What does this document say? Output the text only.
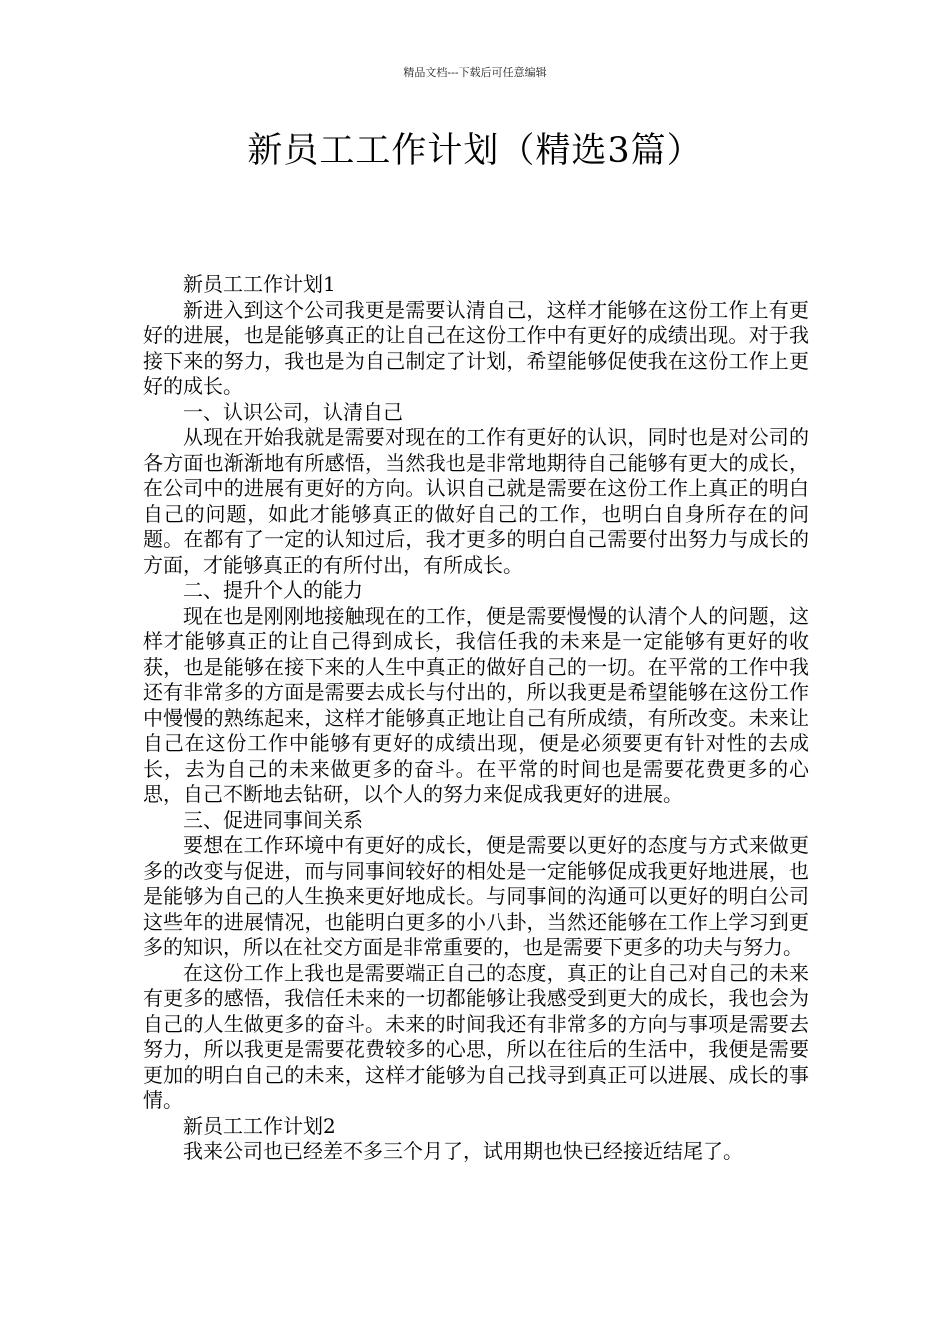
精品文档---下载后可任意编辑
新员工工作计划（精选3篇）

新员工工作计划1

新进入到这个公司我更是需要认清自己，这样才能够在这份工作上有更好的进展，也是能够真正的让自己在这份工作中有更好的成绩出现。对于我接下来的努力，我也是为自己制定了计划，希望能够促使我在这份工作上更好的成长。

一、认识公司，认清自己

从现在开始我就是需要对现在的工作有更好的认识，同时也是对公司的各方面也渐渐地有所感悟，当然我也是非常地期待自己能够有更大的成长，在公司中的进展有更好的方向。认识自己就是需要在这份工作上真正的明白自己的问题，如此才能够真正的做好自己的工作，也明白自身所存在的问题。在都有了一定的认知过后，我才更多的明白自己需要付出努力与成长的方面，才能够真正的有所付出，有所成长。

二、提升个人的能力

现在也是刚刚地接触现在的工作，便是需要慢慢的认清个人的问题，这样才能够真正的让自己得到成长，我信任我的未来是一定能够有更好的收获，也是能够在接下来的人生中真正的做好自己的一切。在平常的工作中我还有非常多的方面是需要去成长与付出的，所以我更是希望能够在这份工作中慢慢的熟练起来，这样才能够真正地让自己有所成绩，有所改变。未来让自己在这份工作中能够有更好的成绩出现，便是必须要更有针对性的去成长，去为自己的未来做更多的奋斗。在平常的时间也是需要花费更多的心思，自己不断地去钻研，以个人的努力来促成我更好的进展。

三、促进同事间关系

要想在工作环境中有更好的成长，便是需要以更好的态度与方式来做更多的改变与促进，而与同事间较好的相处是一定能够促成我更好地进展，也是能够为自己的人生换来更好地成长。与同事间的沟通可以更好的明白公司这些年的进展情况，也能明白更多的小八卦，当然还能够在工作上学习到更多的知识，所以在社交方面是非常重要的，也是需要下更多的功夫与努力。

在这份工作上我也是需要端正自己的态度，真正的让自己对自己的未来有更多的感悟，我信任未来的一切都能够让我感受到更大的成长，我也会为自己的人生做更多的奋斗。未来的时间我还有非常多的方向与事项是需要去努力，所以我更是需要花费较多的心思，所以在往后的生活中，我便是需要更加的明白自己的未来，这样才能够为自己找寻到真正可以进展、成长的事情。

新员工工作计划2

我来公司也已经差不多三个月了，试用期也快已经接近结尾了。
